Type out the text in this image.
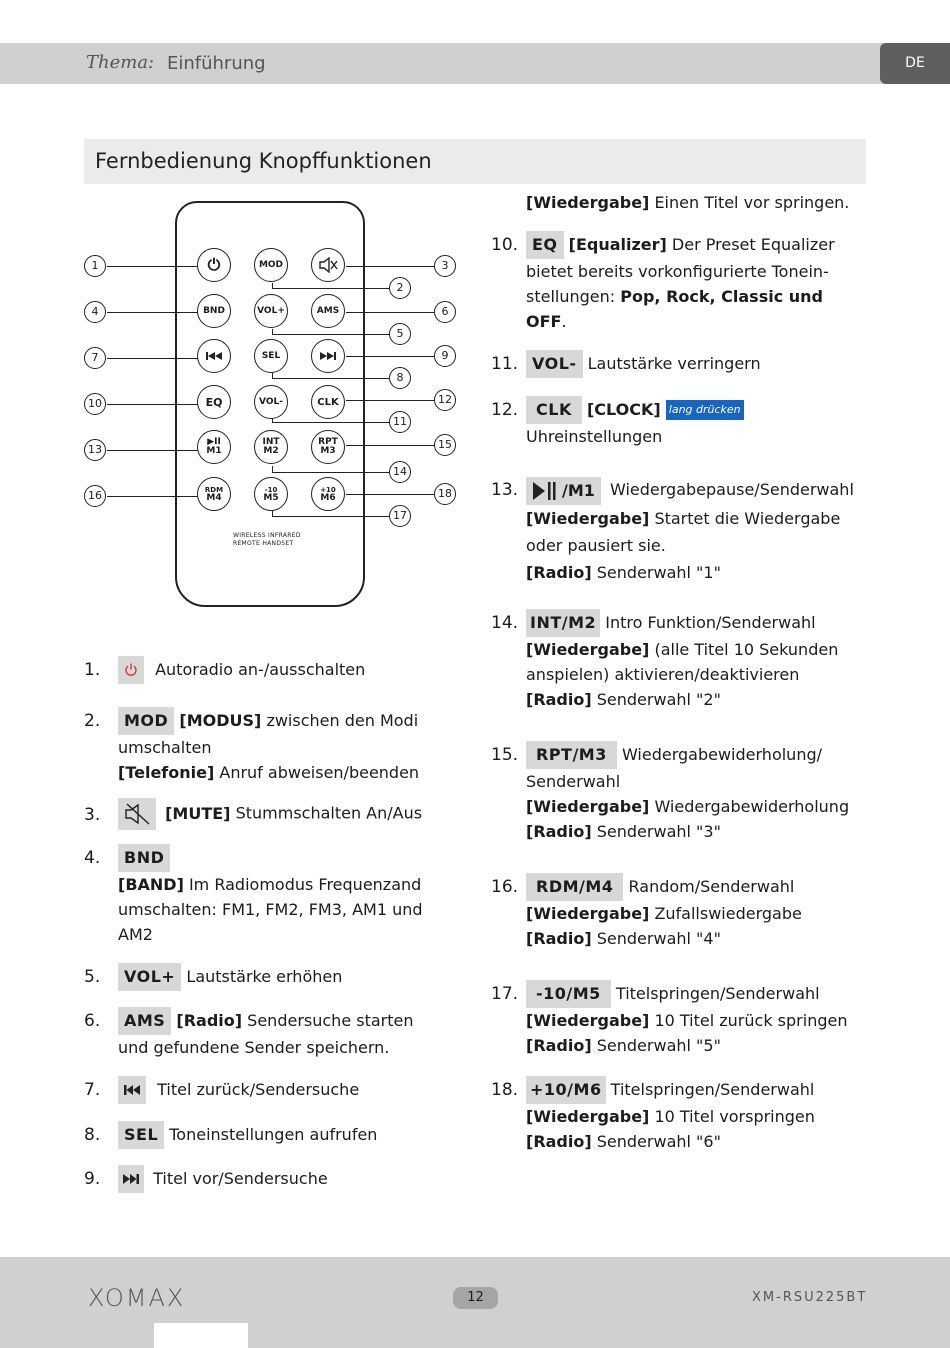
Thema: Einführung	DE
Fernbedienung Knopffunktionen
⏻	MOD
BND	VOL+	AMS
SEL
EQ	VOL-	CLK
▶II
M1
INT
M2
RPT
M3
RDM
M4
-10
M5
+10
M6
WIRELESS INFRARED
REMOTE HANDSET
1
2
3
4
5
6
7
8
9
10
11
12
13
14
15
16
17
18
1.	Autoradio an-/ausschalten
2.	MOD [MODUS] zwischen den Modi
umschalten
[Telefonie] Anruf abweisen/beenden
3.	[MUTE] Stummschalten An/Aus
4.	BND
[BAND] Im Radiomodus Frequenzand
umschalten: FM1, FM2, FM3, AM1 und
AM2
5.	VOL+ Lautstärke erhöhen
6.	AMS [Radio] Sendersuche starten
und gefundene Sender speichern.
7.	Titel zurück/Sendersuche
8.	SEL Toneinstellungen aufrufen
9.	Titel vor/Sendersuche
[Wiedergabe] Einen Titel vor springen.
10. EQ [Equalizer] Der Preset Equalizer
bietet bereits vorkonfigurierte Tonein-
stellungen: Pop, Rock, Classic und
OFF.
11. VOL- Lautstärke verringern
12.	CLK [CLOCK] lang drücken
Uhreinstellungen
13.	/M1 Wiedergabepause/Senderwahl
[Wiedergabe] Startet die Wiedergabe
oder pausiert sie.
[Radio] Senderwahl "1"
14. INT/M2 Intro Funktion/Senderwahl
[Wiedergabe] (alle Titel 10 Sekunden
anspielen) aktivieren/deaktivieren
[Radio] Senderwahl "2"
15.	RPT/M3 Wiedergabewiderholung/
Senderwahl
[Wiedergabe] Wiedergabewiderholung
[Radio] Senderwahl "3"
16.	RDM/M4 Random/Senderwahl
[Wiedergabe] Zufallswiedergabe
[Radio] Senderwahl "4"
17.	-10/M5 Titelspringen/Senderwahl
[Wiedergabe] 10 Titel zurück springen
[Radio] Senderwahl "5"
18. +10/M6 Titelspringen/Senderwahl
[Wiedergabe] 10 Titel vorspringen
[Radio] Senderwahl "6"
XOMAX	12	XM-RSU225BT
